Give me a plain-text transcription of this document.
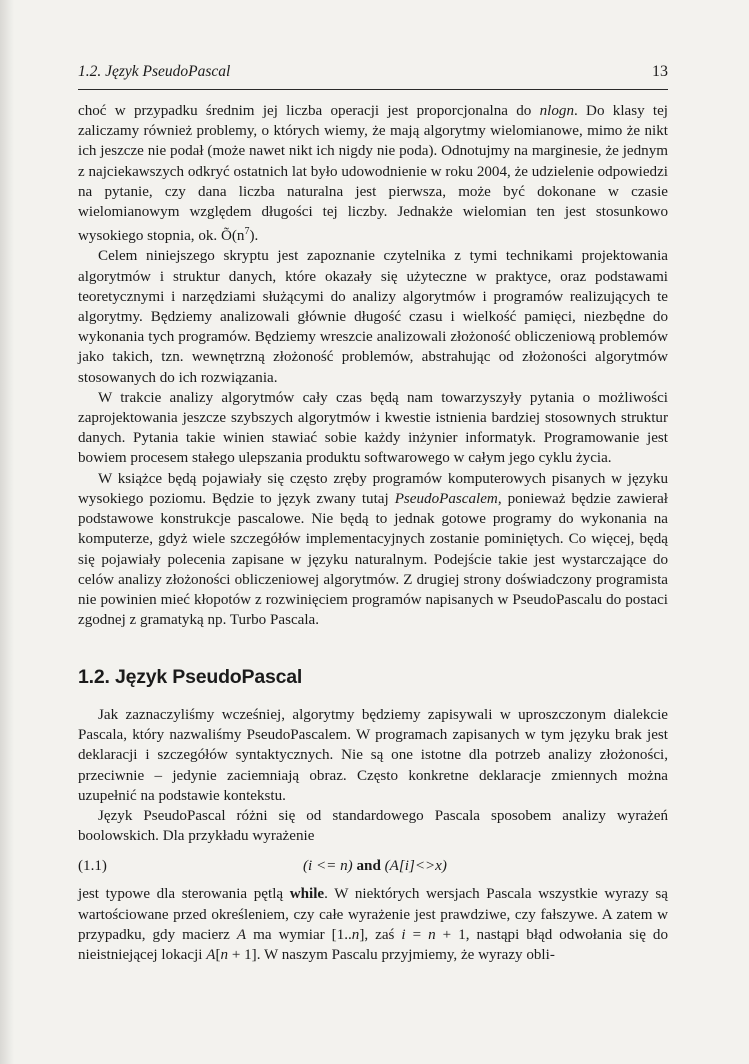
1.2. Język PseudoPascal	13

choć w przypadku średnim jej liczba operacji jest proporcjonalna do nlogn. Do klasy tej zaliczamy również problemy, o których wiemy, że mają algorytmy wielomianowe, mimo że nikt ich jeszcze nie podał (może nawet nikt ich nigdy nie poda). Odnotujmy na marginesie, że jednym z najciekawszych odkryć ostatnich lat było udowodnienie w roku 2004, że udzielenie odpowiedzi na pytanie, czy dana liczba naturalna jest pierwsza, może być dokonane w czasie wielomianowym względem długości tej liczby. Jednakże wielomian ten jest stosunkowo wysokiego stopnia, ok. $Õ(n^7)$.

Celem niniejszego skryptu jest zapoznanie czytelnika z tymi technikami projektowania algorytmów i struktur danych, które okazały się użyteczne w praktyce, oraz podstawami teoretycznymi i narzędziami służącymi do analizy algorytmów i programów realizujących te algorytmy. Będziemy analizowali głównie długość czasu i wielkość pamięci, niezbędne do wykonania tych programów. Będziemy wreszcie analizowali złożoność obliczeniową problemów jako takich, tzn. wewnętrzną złożoność problemów, abstrahując od złożoności algorytmów stosowanych do ich rozwiązania.

W trakcie analizy algorytmów cały czas będą nam towarzyszyły pytania o możliwości zaprojektowania jeszcze szybszych algorytmów i kwestie istnienia bardziej stosownych struktur danych. Pytania takie winien stawiać sobie każdy inżynier informatyk. Programowanie jest bowiem procesem stałego ulepszania produktu softwarowego w całym jego cyklu życia.

W książce będą pojawiały się często zręby programów komputerowych pisanych w języku wysokiego poziomu. Będzie to język zwany tutaj PseudoPascalem, ponieważ będzie zawierał podstawowe konstrukcje pascalowe. Nie będą to jednak gotowe programy do wykonania na komputerze, gdyż wiele szczegółów implementacyjnych zostanie pominiętych. Co więcej, będą się pojawiały polecenia zapisane w języku naturalnym. Podejście takie jest wystarczające do celów analizy złożoności obliczeniowej algorytmów. Z drugiej strony doświadczony programista nie powinien mieć kłopotów z rozwinięciem programów napisanych w PseudoPascalu do postaci zgodnej z gramatyką np. Turbo Pascala.

1.2. Język PseudoPascal

Jak zaznaczyliśmy wcześniej, algorytmy będziemy zapisywali w uproszczonym dialekcie Pascala, który nazwaliśmy PseudoPascalem. W programach zapisanych w tym języku brak jest deklaracji i szczegółów syntaktycznych. Nie są one istotne dla potrzeb analizy złożoności, przeciwnie – jedynie zaciemniają obraz. Często konkretne deklaracje zmiennych można uzupełnić na podstawie kontekstu.

Język PseudoPascal różni się od standardowego Pascala sposobem analizy wyrażeń boolowskich. Dla przykładu wyrażenie

(1.1)	(i <= n) and (A[i]<>x)

jest typowe dla sterowania pętlą while. W niektórych wersjach Pascala wszystkie wyrazy są wartościowane przed określeniem, czy całe wyrażenie jest prawdziwe, czy fałszywe. A zatem w przypadku, gdy macierz A ma wymiar [1..n], zaś i = n + 1, nastąpi błąd odwołania się do nieistniejącej lokacji A[n + 1]. W naszym Pascalu przyjmiemy, że wyrazy obli-
